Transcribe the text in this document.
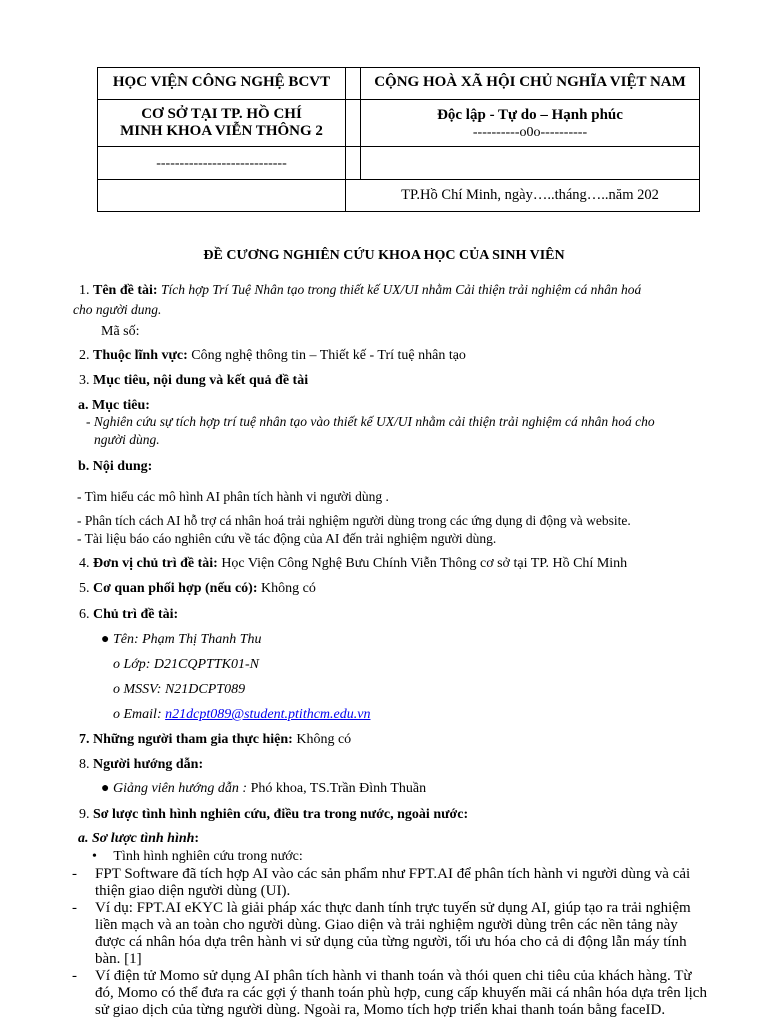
HỌC VIỆN CÔNG NGHỆ BCVT	CỘNG HOÀ XÃ HỘI CHỦ NGHĨA VIỆT NAM
CƠ SỞ TẠI TP. HỒ CHÍ
MINH KHOA VIỄN THÔNG 2
Độc lập - Tự do – Hạnh phúc
----------o0o----------
----------------------------
TP.Hồ Chí Minh, ngày…..tháng…..năm 202
ĐỀ CƯƠNG NGHIÊN CỨU KHOA HỌC CỦA SINH VIÊN
1. Tên đề tài: Tích hợp Trí Tuệ Nhân tạo trong thiết kế UX/UI nhằm Cải thiện trải nghiệm cá nhân hoá
cho người dung.
Mã số:
2. Thuộc lĩnh vực: Công nghệ thông tin – Thiết kế - Trí tuệ nhân tạo
3. Mục tiêu, nội dung và kết quả đề tài
a. Mục tiêu:
- Nghiên cứu sự tích hợp trí tuệ nhân tạo vào thiết kế UX/UI nhằm cải thiện trải nghiệm cá nhân hoá cho
người dùng.
b. Nội dung:
- Tìm hiểu các mô hình AI phân tích hành vi người dùng .
- Phân tích cách AI hỗ trợ cá nhân hoá trải nghiệm người dùng trong các ứng dụng di động và website.
- Tài liệu báo cáo nghiên cứu về tác động của AI đến trải nghiệm người dùng.
4. Đơn vị chủ trì đề tài: Học Viện Công Nghệ Bưu Chính Viễn Thông cơ sở tại TP. Hồ Chí Minh
5. Cơ quan phối hợp (nếu có): Không có
6. Chủ trì đề tài:
● Tên: Phạm Thị Thanh Thu
o Lớp: D21CQPTTK01-N
o MSSV: N21DCPT089
o Email: n21dcpt089@student.ptithcm.edu.vn
7. Những người tham gia thực hiện: Không có
8. Người hướng dẫn:
● Giảng viên hướng dẫn : Phó khoa, TS.Trần Đình Thuần
9. Sơ lược tình hình nghiên cứu, điều tra trong nước, ngoài nước:
a. Sơ lược tình hình:
• Tình hình nghiên cứu trong nước:
- FPT Software đã tích hợp AI vào các sản phẩm như FPT.AI để phân tích hành vi người dùng và cải
thiện giao diện người dùng (UI).
- Ví dụ: FPT.AI eKYC là giải pháp xác thực danh tính trực tuyến sử dụng AI, giúp tạo ra trải nghiệm
liền mạch và an toàn cho người dùng. Giao diện và trải nghiệm người dùng trên các nền tảng này
được cá nhân hóa dựa trên hành vi sử dụng của từng người, tối ưu hóa cho cả di động lẫn máy tính
bàn. [1]
- Ví điện tử Momo sử dụng AI phân tích hành vi thanh toán và thói quen chi tiêu của khách hàng. Từ
đó, Momo có thể đưa ra các gợi ý thanh toán phù hợp, cung cấp khuyến mãi cá nhân hóa dựa trên lịch
sử giao dịch của từng người dùng. Ngoài ra, Momo tích hợp triển khai thanh toán bằng faceID.
